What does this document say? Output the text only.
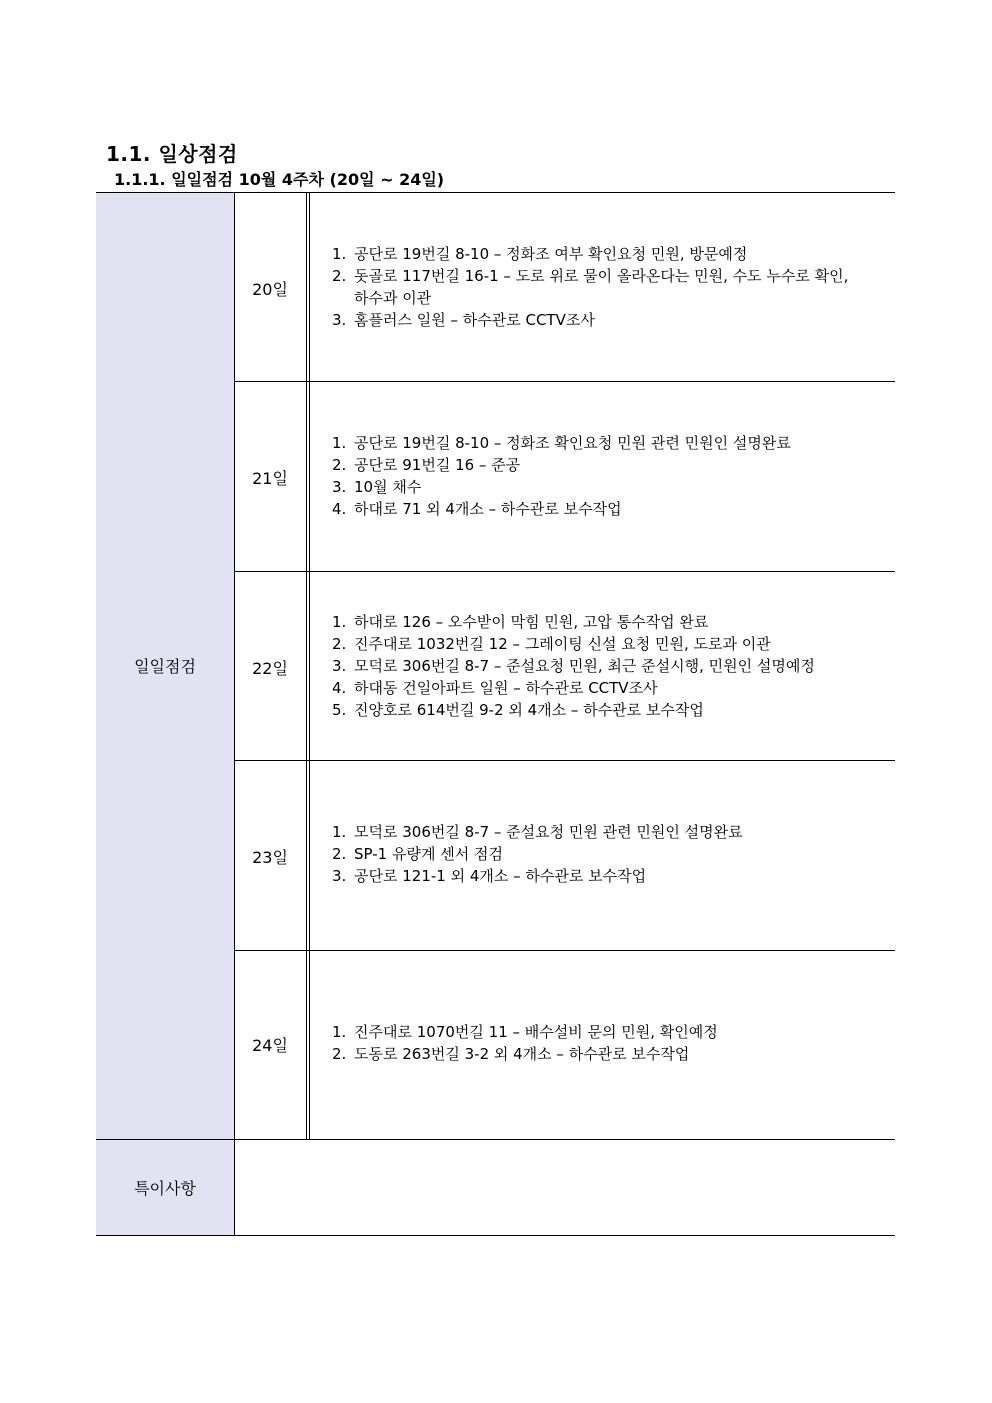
1.1. 일상점검
1.1.1. 일일점검 10월 4주차 (20일 ~ 24일)
일일점검
특이사항
20일
1. 공단로 19번길 8-10 – 정화조 여부 확인요청 민원, 방문예정
2. 돗골로 117번길 16-1 – 도로 위로 물이 올라온다는 민원, 수도 누수로 확인,
하수과 이관
3. 홈플러스 일원 – 하수관로 CCTV조사
21일
1. 공단로 19번길 8-10 – 정화조 확인요청 민원 관련 민원인 설명완료
2. 공단로 91번길 16 – 준공
3. 10월 채수
4. 하대로 71 외 4개소 – 하수관로 보수작업
22일
1. 하대로 126 – 오수받이 막힘 민원, 고압 통수작업 완료
2. 진주대로 1032번길 12 – 그레이팅 신설 요청 민원, 도로과 이관
3. 모덕로 306번길 8-7 – 준설요청 민원, 최근 준설시행, 민원인 설명예정
4. 하대동 건일아파트 일원 – 하수관로 CCTV조사
5. 진양호로 614번길 9-2 외 4개소 – 하수관로 보수작업
23일
1. 모덕로 306번길 8-7 – 준설요청 민원 관련 민원인 설명완료
2. SP-1 유량계 센서 점검
3. 공단로 121-1 외 4개소 – 하수관로 보수작업
24일
1. 진주대로 1070번길 11 – 배수설비 문의 민원, 확인예정
2. 도동로 263번길 3-2 외 4개소 – 하수관로 보수작업
